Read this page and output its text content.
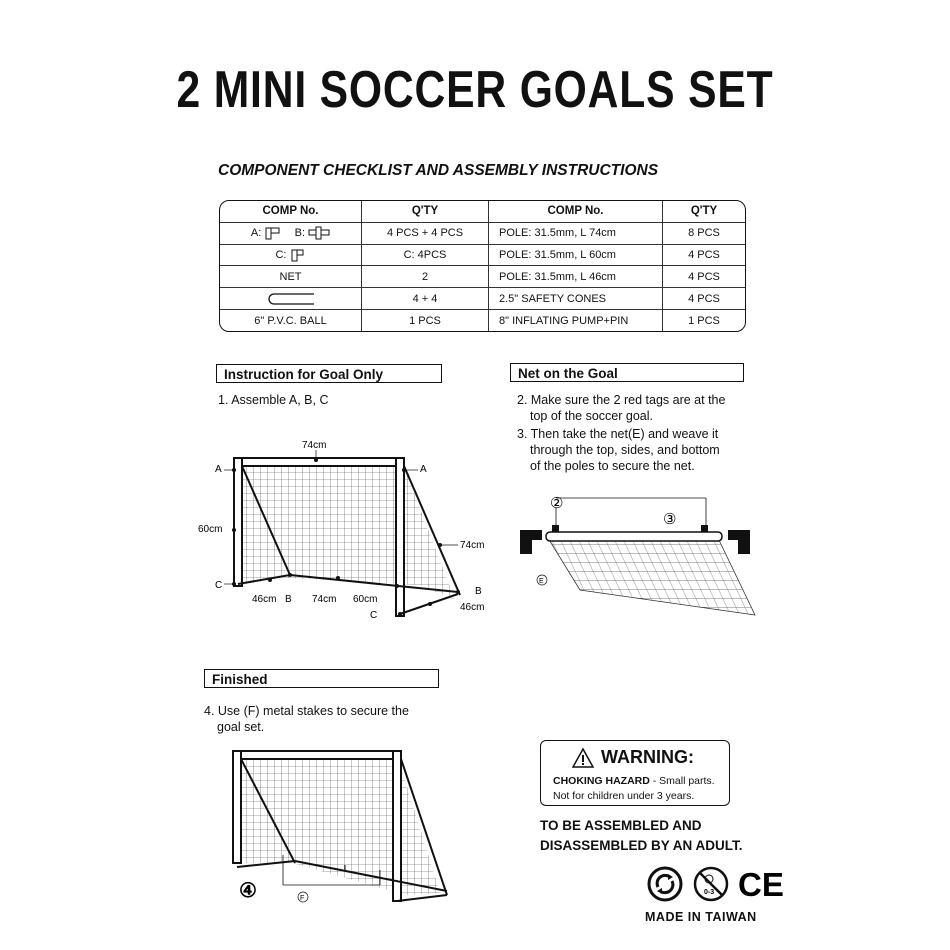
2 MINI SOCCER GOALS SET
COMPONENT CHECKLIST AND ASSEMBLY INSTRUCTIONS
COMP No.	Q'TY	COMP No.	Q'TY
A: B:	4 PCS + 4 PCS	POLE: 31.5mm, L 74cm	8 PCS
C:	C: 4PCS	POLE: 31.5mm, L 60cm	4 PCS
NET	2	POLE: 31.5mm, L 46cm	4 PCS
	4 + 4	2.5" SAFETY CONES	4 PCS
6" P.V.C. BALL	1 PCS	8" INFLATING PUMP+PIN	1 PCS
Instruction for Goal Only	Net on the Goal
Finished
1. Assemble A, B, C	2. Make sure the 2 red tags are at the
top of the soccer goal.
3. Then take the net(E) and weave it
through the top, sides, and bottom
of the poles to secure the net.
4. Use (F) metal stakes to secure the
goal set.
74cm
60cm
74cm
46cm	74cm 60cm
46cm
A	A
C
C
B
B
②
③
E
④	F
WARNING:
CHOKING HAZARD - Small parts.
Not for children under 3 years.
TO BE ASSEMBLED AND
DISASSEMBLED BY AN ADULT.
0-3 CE
MADE IN TAIWAN
